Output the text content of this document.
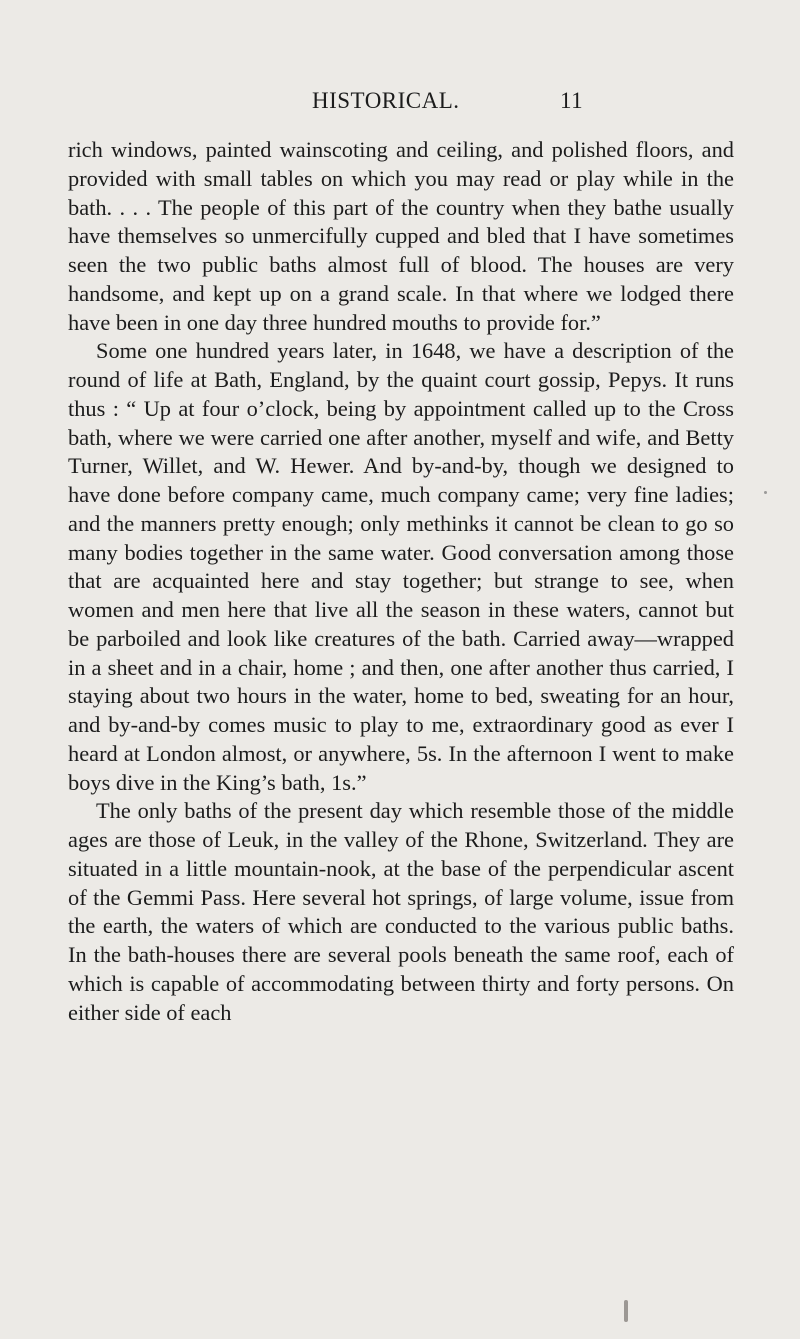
HISTORICAL.	11

rich windows, painted wainscoting and ceiling, and polished floors, and provided with small tables on which you may read or play while in the bath. . . . The people of this part of the country when they bathe usually have themselves so unmercifully cupped and bled that I have sometimes seen the two public baths almost full of blood. The houses are very handsome, and kept up on a grand scale. In that where we lodged there have been in one day three hundred mouths to provide for.”

Some one hundred years later, in 1648, we have a description of the round of life at Bath, England, by the quaint court gossip, Pepys. It runs thus : “ Up at four o’clock, being by appointment called up to the Cross bath, where we were carried one after another, myself and wife, and Betty Turner, Willet, and W. Hewer. And by-and-by, though we designed to have done before company came, much company came; very fine ladies; and the manners pretty enough; only methinks it cannot be clean to go so many bodies together in the same water. Good conversation among those that are acquainted here and stay together; but strange to see, when women and men here that live all the season in these waters, cannot but be parboiled and look like creatures of the bath. Carried away—wrapped in a sheet and in a chair, home ; and then, one after another thus carried, I staying about two hours in the water, home to bed, sweating for an hour, and by-and-by comes music to play to me, extraordinary good as ever I heard at London almost, or anywhere, 5s. In the afternoon I went to make boys dive in the King’s bath, 1s.”

The only baths of the present day which resemble those of the middle ages are those of Leuk, in the valley of the Rhone, Switzerland. They are situated in a little mountain-nook, at the base of the perpendicular ascent of the Gemmi Pass. Here several hot springs, of large volume, issue from the earth, the waters of which are conducted to the various public baths. In the bath-houses there are several pools beneath the same roof, each of which is capable of accommodating between thirty and forty persons. On either side of each
